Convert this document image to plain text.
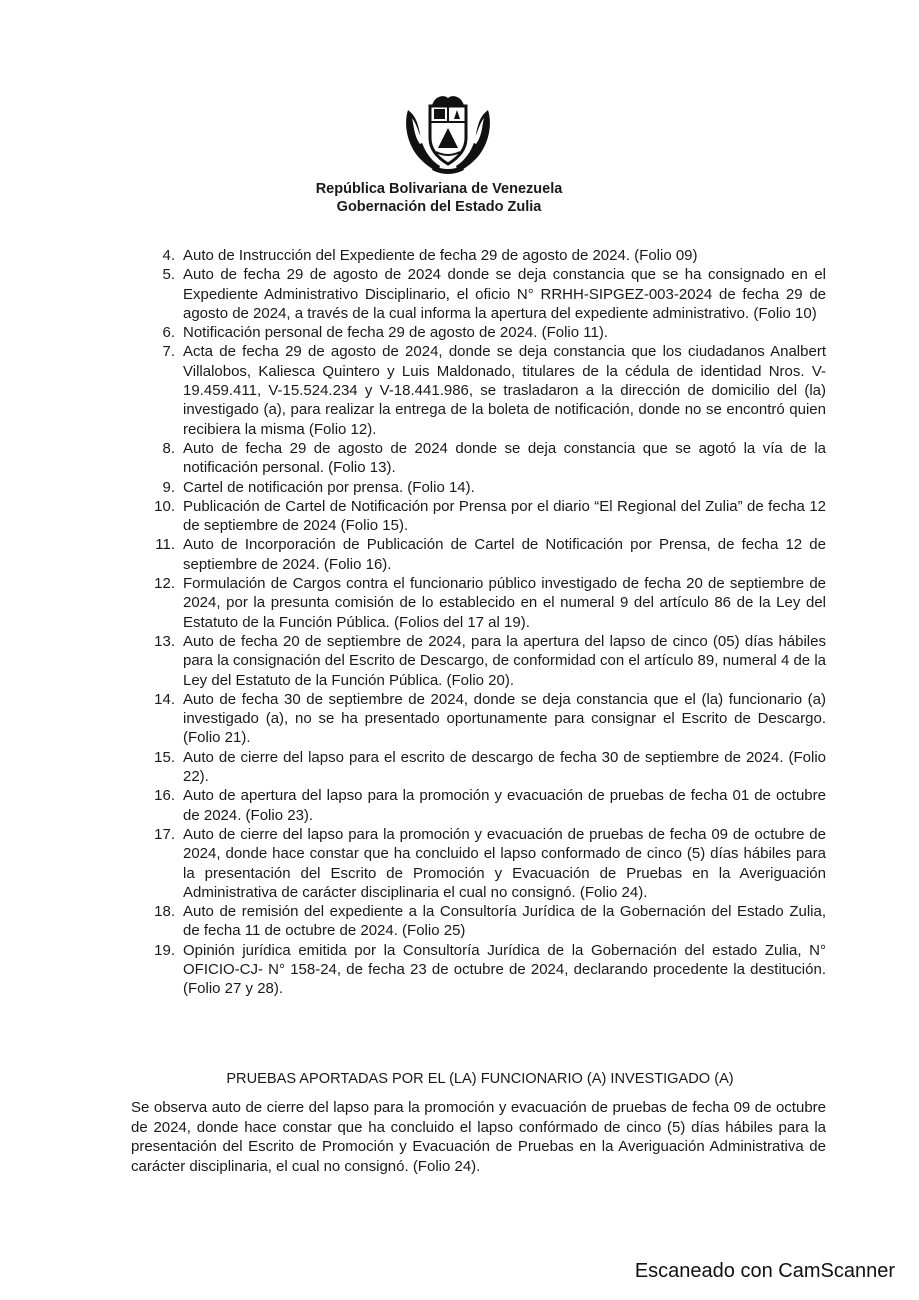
República Bolivariana de Venezuela
Gobernación del Estado Zulia
4. Auto de Instrucción del Expediente de fecha 29 de agosto de 2024. (Folio 09)
5. Auto de fecha 29 de agosto de 2024 donde se deja constancia que se ha consignado en el Expediente Administrativo Disciplinario, el oficio N° RRHH-SIPGEZ-003-2024 de fecha 29 de agosto de 2024, a través de la cual informa la apertura del expediente administrativo. (Folio 10)
6. Notificación personal de fecha 29 de agosto de 2024. (Folio 11).
7. Acta de fecha 29 de agosto de 2024, donde se deja constancia que los ciudadanos Analbert Villalobos, Kaliesca Quintero y Luis Maldonado, titulares de la cédula de identidad Nros. V-19.459.411, V-15.524.234 y V-18.441.986, se trasladaron a la dirección de domicilio del (la) investigado (a), para realizar la entrega de la boleta de notificación, donde no se encontró quien recibiera la misma (Folio 12).
8. Auto de fecha 29 de agosto de 2024 donde se deja constancia que se agotó la vía de la notificación personal. (Folio 13).
9. Cartel de notificación por prensa. (Folio 14).
10. Publicación de Cartel de Notificación por Prensa por el diario “El Regional del Zulia” de fecha 12 de septiembre de 2024 (Folio 15).
11. Auto de Incorporación de Publicación de Cartel de Notificación por Prensa, de fecha 12 de septiembre de 2024. (Folio 16).
12. Formulación de Cargos contra el funcionario público investigado de fecha 20 de septiembre de 2024, por la presunta comisión de lo establecido en el numeral 9 del artículo 86 de la Ley del Estatuto de la Función Pública. (Folios del 17 al 19).
13. Auto de fecha 20 de septiembre de 2024, para la apertura del lapso de cinco (05) días hábiles para la consignación del Escrito de Descargo, de conformidad con el artículo 89, numeral 4 de la Ley del Estatuto de la Función Pública. (Folio 20).
14. Auto de fecha 30 de septiembre de 2024, donde se deja constancia que el (la) funcionario (a) investigado (a), no se ha presentado oportunamente para consignar el Escrito de Descargo. (Folio 21).
15. Auto de cierre del lapso para el escrito de descargo de fecha 30 de septiembre de 2024. (Folio 22).
16. Auto de apertura del lapso para la promoción y evacuación de pruebas de fecha 01 de octubre de 2024. (Folio 23).
17. Auto de cierre del lapso para la promoción y evacuación de pruebas de fecha 09 de octubre de 2024, donde hace constar que ha concluido el lapso conformado de cinco (5) días hábiles para la presentación del Escrito de Promoción y Evacuación de Pruebas en la Averiguación Administrativa de carácter disciplinaria el cual no consignó. (Folio 24).
18. Auto de remisión del expediente a la Consultoría Jurídica de la Gobernación del Estado Zulia, de fecha 11 de octubre de 2024. (Folio 25)
19. Opinión jurídica emitida por la Consultoría Jurídica de la Gobernación del estado Zulia, N° OFICIO-CJ- N° 158-24, de fecha 23 de octubre de 2024, declarando procedente la destitución. (Folio 27 y 28).
PRUEBAS APORTADAS POR EL (LA) FUNCIONARIO (A) INVESTIGADO (A)
Se observa auto de cierre del lapso para la promoción y evacuación de pruebas de fecha 09 de octubre de 2024, donde hace constar que ha concluido el lapso confórmado de cinco (5) días hábiles para la presentación del Escrito de Promoción y Evacuación de Pruebas en la Averiguación Administrativa de carácter disciplinaria, el cual no consignó. (Folio 24).
Escaneado con CamScanner
